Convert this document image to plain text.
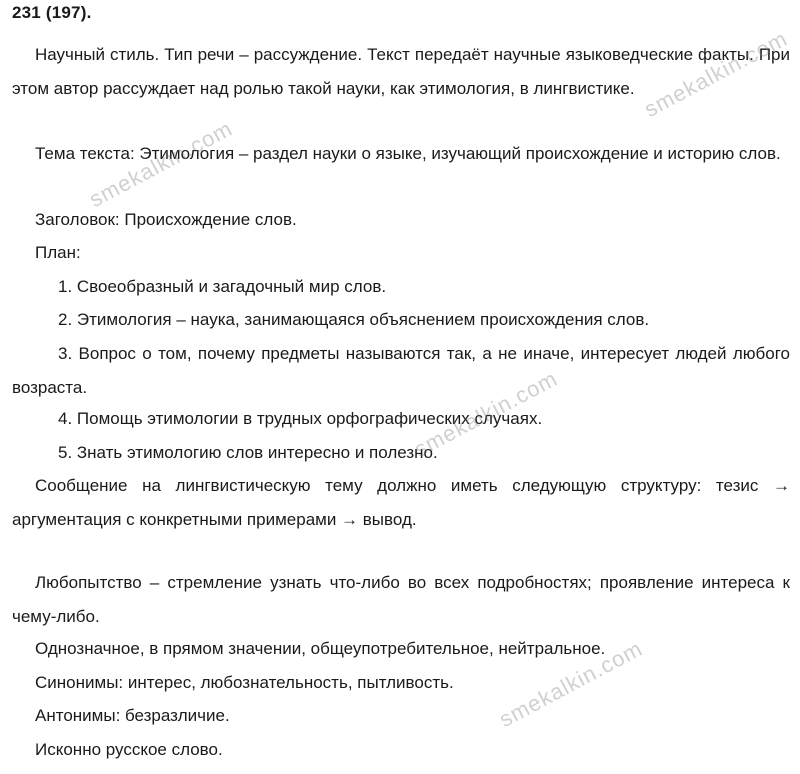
231 (197).

Научный стиль. Тип речи – рассуждение. Текст передаёт научные языковедческие факты. При этом автор рассуждает над ролью такой науки, как этимология, в лингвистике.

Тема текста: Этимология – раздел науки о языке, изучающий происхождение и историю слов.

Заголовок: Происхождение слов.

План:

1. Своеобразный и загадочный мир слов.

2. Этимология – наука, занимающаяся объяснением происхождения слов.

3. Вопрос о том, почему предметы называются так, а не иначе, интересует людей любого возраста.

4. Помощь этимологии в трудных орфографических случаях.

5. Знать этимологию слов интересно и полезно.

Сообщение на лингвистическую тему должно иметь следующую структуру: тезис → аргументация с конкретными примерами → вывод.

Любопытство – стремление узнать что-либо во всех подробностях; проявление интереса к чему-либо.

Однозначное, в прямом значении, общеупотребительное, нейтральное.

Синонимы: интерес, любознательность, пытливость.

Антонимы: безразличие.

Исконно русское слово.

smekalkin.com
smekalkin.com
smekalkin.com
smekalkin.com
